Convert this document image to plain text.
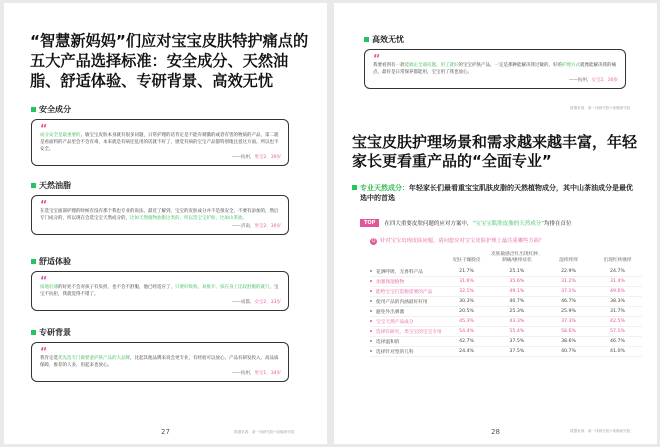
“智慧新妈妈”们应对宝宝皮肤特护痛点的五大产品选择标准：安全成分、天然油脂、舒适体验、专研背景、高效无忧
安全成分
“
成分安全是最重要的，敏宝宝皮肤本身就有很多问题，日常护理的话肯定是不能有刺激的或者有害的物质的产品，第二就是看面料的产品里会不会有毒，本来就是有病还乱用的话就不好了，感觉有病的宝宝产品都特别地注意这方面。所以也不安全。
——杭州，男宝2，39岁
天然油脂
“
在选宝宝面部护理的时候有没有那个我也专业的说法，最近了解到，宝宝的皮肤成分并不是很安全，不要有添加的，然后专门成分的，所以现在会选宝宝天然成分的，比如天然植物油脂这类的，所以选宝宝护肤，比如山茶油。
——济南，男宝2，30岁
舒适体验
“
质地轻薄的好处不会对孩子有负担，也不会不舒服，他已经适应了，只要好吸收、易推开、抹在身上比较舒服的就行，宝宝不抗拒，我就觉得不错了。
——成都，女宝2，33岁
专研背景
“
我肯定选优先选专门做婴童护肤产品的大品牌，比起其他品牌来说会更专业，有经验可以放心，产品有研发投入，高品质保障，推荐的人多，用起来也放心。
——杭州，男宝1，34岁
数据来源：新一线研究院+前瞻研究院
27
高效无忧
“
我要看到有一款能搞定全部问题，用了就好的宝宝护肤产品，一定是那种能解决我过敏的，好的护理方式就像能解决我的痛点，最好是日常保养都能用，宝宝用了我也放心。
——杭州，女宝2，30岁
数据来源：新一线研究院+前瞻研究院
宝宝皮肤护理场景和需求越来越丰富，年轻家长更看重产品的“全面专业”
专业天然成分：年轻家长们最看重宝宝肌肤皮脂的天然植物成分，其中山茶油成分是最优选中的首选
TOP	在四大重要皮肤问题的应对方案中，“宝宝宝肌肤皮脂的天然成分”均排在首位
Q 针对宝宝出现皮肤问题，请问您应对宝宝皮肤护理上最注重哪些方面？
	皮肤干燥脱皮	皮肤敏感泛红出现红肿、刺痛/瘙痒症状	湿疹痒痒	出现红疹瘙痒
花洒呼吸、无香料产品	21.7%	25.1%	22.9%	24.7%
加强保湿植物	31.6%	35.6%	31.2%	31.4%
能给宝宝打造便需要的产品	32.1%	49.1%	37.1%	49.6%
使用产品的内涵最好好用	30.3%	40.7%	46.7%	38.3%
避免外出刺激	20.5%	25.3%	25.9%	31.7%
宝宝天然产品成分	45.3%	43.3%	37.3%	42.5%
选择有研究、类宝宝的宝宝专用	54.4%	55.4%	58.6%	57.1%
选择温和的	42.7%	37.5%	38.6%	46.7%
选择针对型的儿科	24.4%	37.5%	40.7%	41.0%
数据来源：新一线研究院+前瞻研究院
28
